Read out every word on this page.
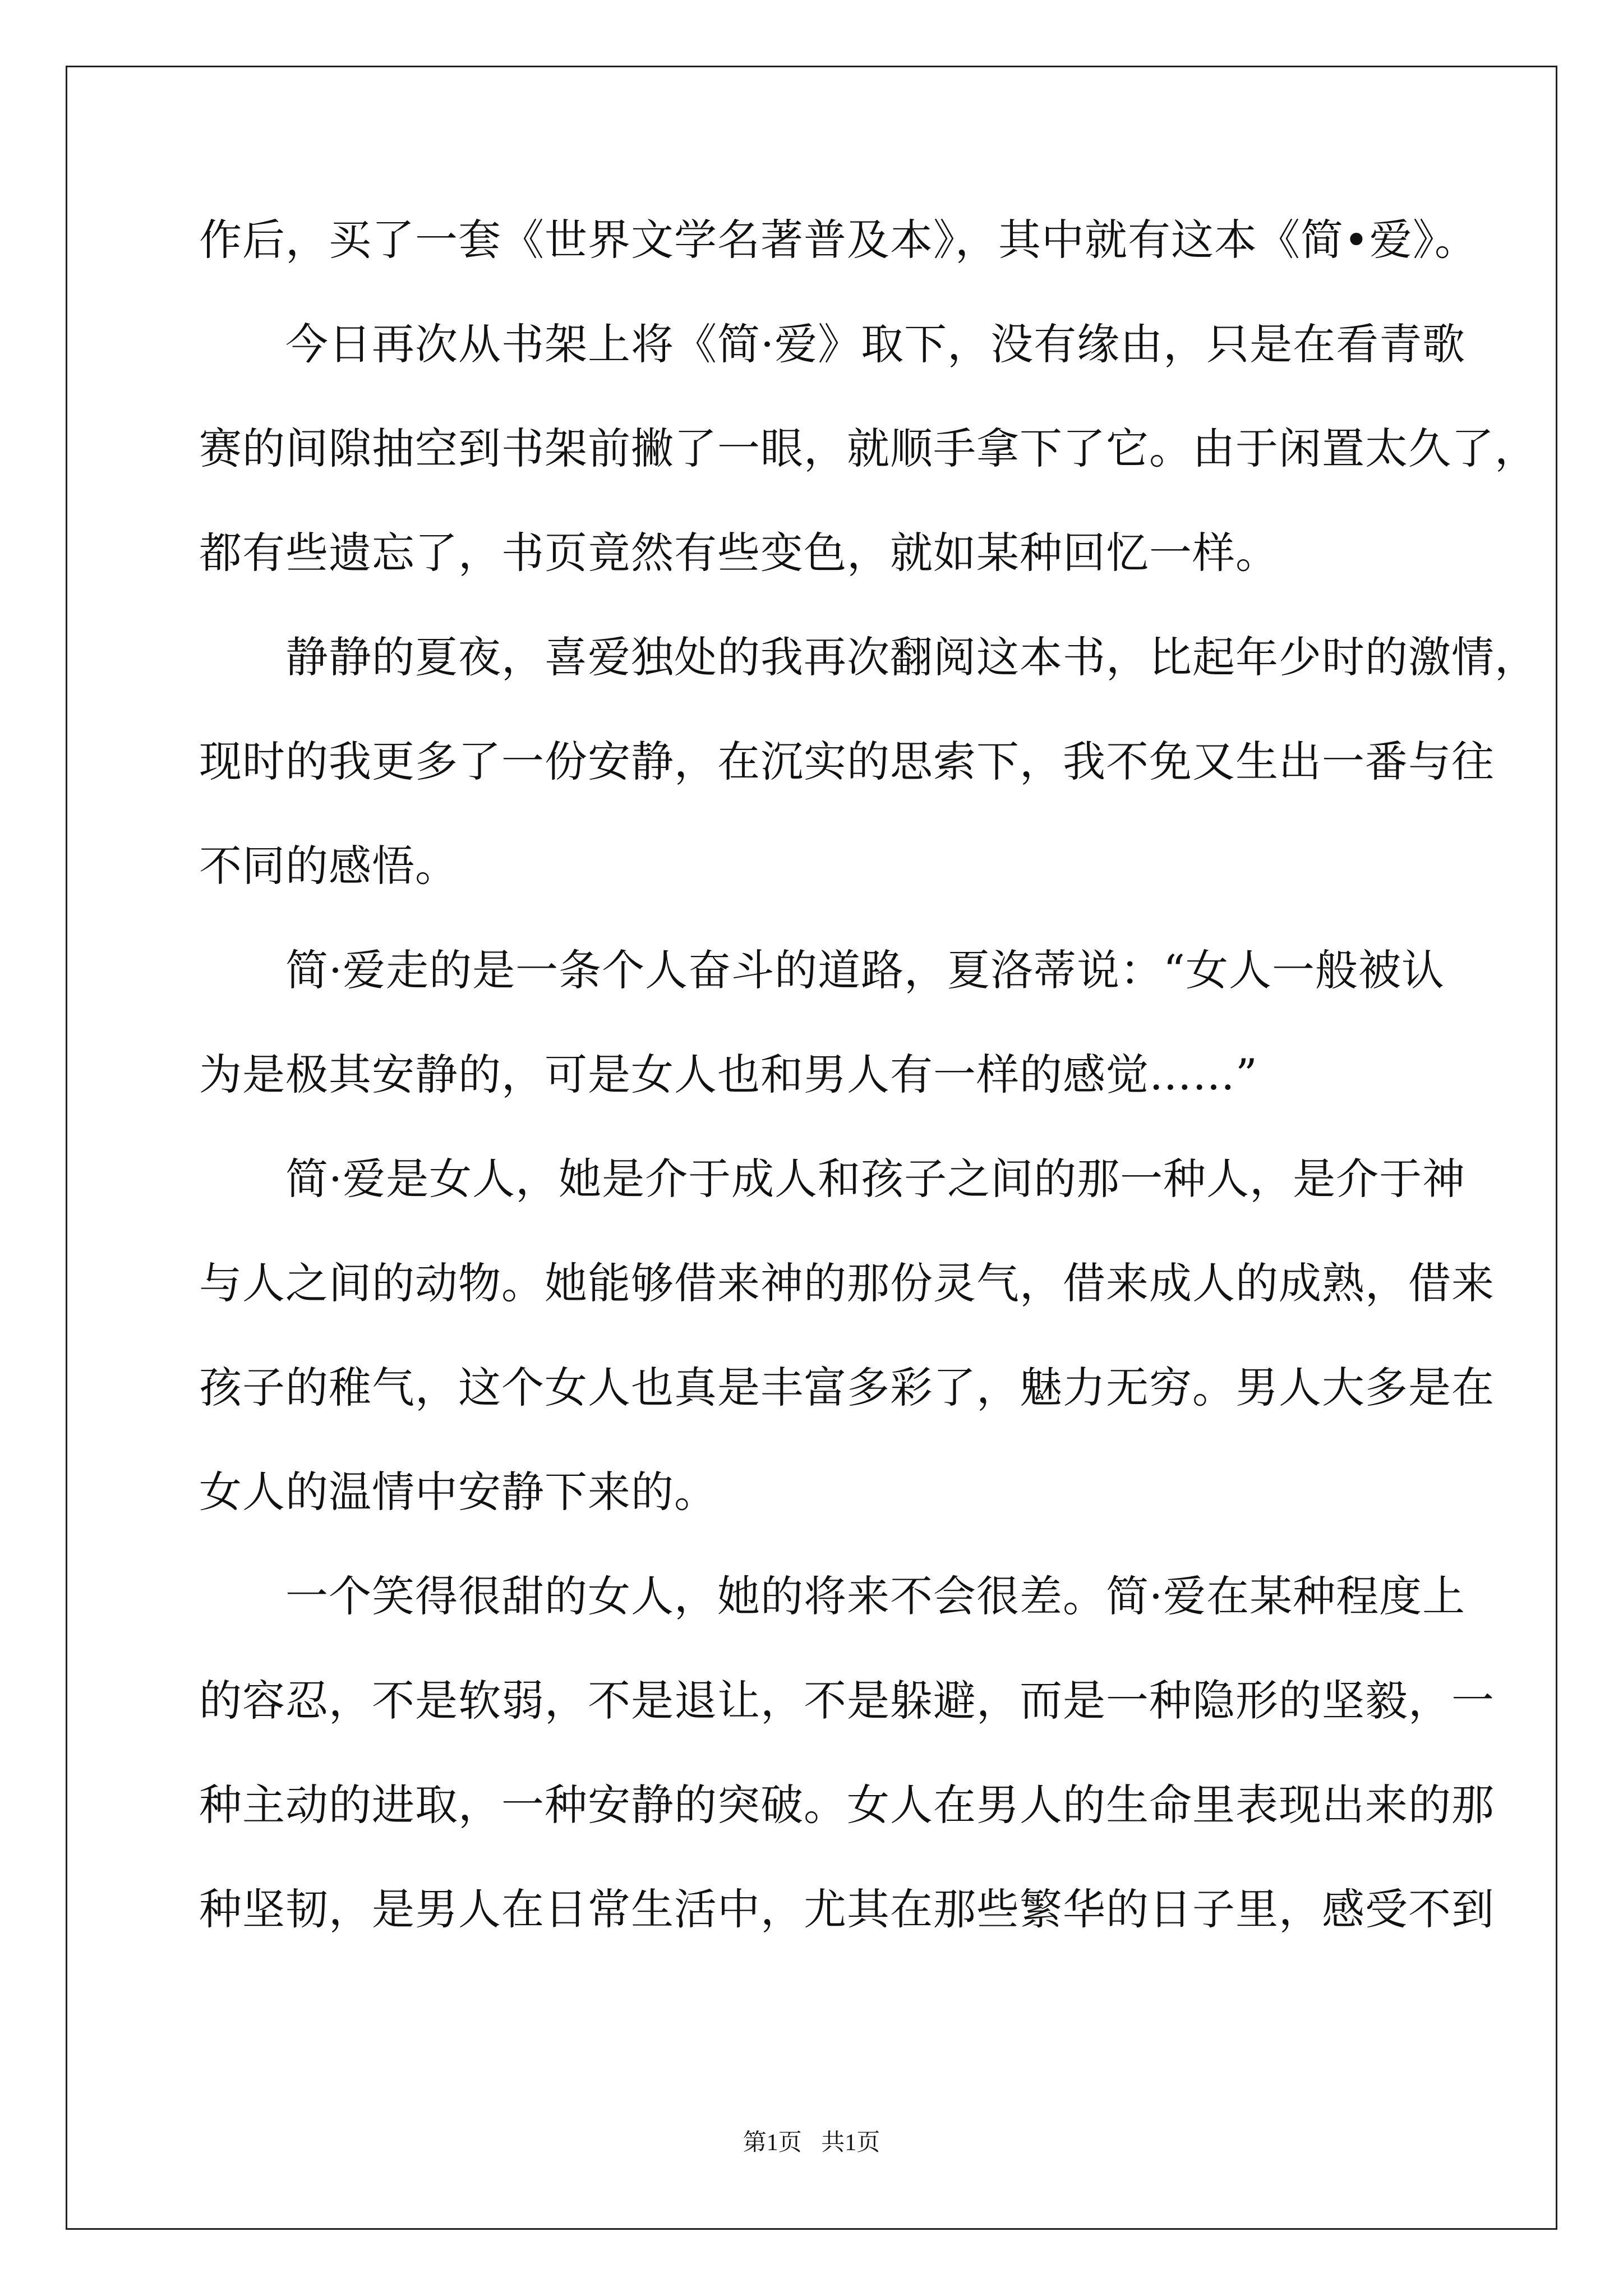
作后，买了一套《世界文学名著普及本》，其中就有这本《简•爱》。
　　今日再次从书架上将《简·爱》取下，没有缘由，只是在看青歌
赛的间隙抽空到书架前撇了一眼，就顺手拿下了它。由于闲置太久了，
都有些遗忘了，书页竟然有些变色，就如某种回忆一样。
　　静静的夏夜，喜爱独处的我再次翻阅这本书，比起年少时的激情，
现时的我更多了一份安静，在沉实的思索下，我不免又生出一番与往
不同的感悟。
　　简·爱走的是一条个人奋斗的道路，夏洛蒂说：“女人一般被认
为是极其安静的，可是女人也和男人有一样的感觉……”
　　简·爱是女人，她是介于成人和孩子之间的那一种人，是介于神
与人之间的动物。她能够借来神的那份灵气，借来成人的成熟，借来
孩子的稚气，这个女人也真是丰富多彩了，魅力无穷。男人大多是在
女人的温情中安静下来的。
　　一个笑得很甜的女人，她的将来不会很差。简·爱在某种程度上
的容忍，不是软弱，不是退让，不是躲避，而是一种隐形的坚毅，一
种主动的进取，一种安静的突破。女人在男人的生命里表现出来的那
种坚韧，是男人在日常生活中，尤其在那些繁华的日子里，感受不到
第1页 共1页
